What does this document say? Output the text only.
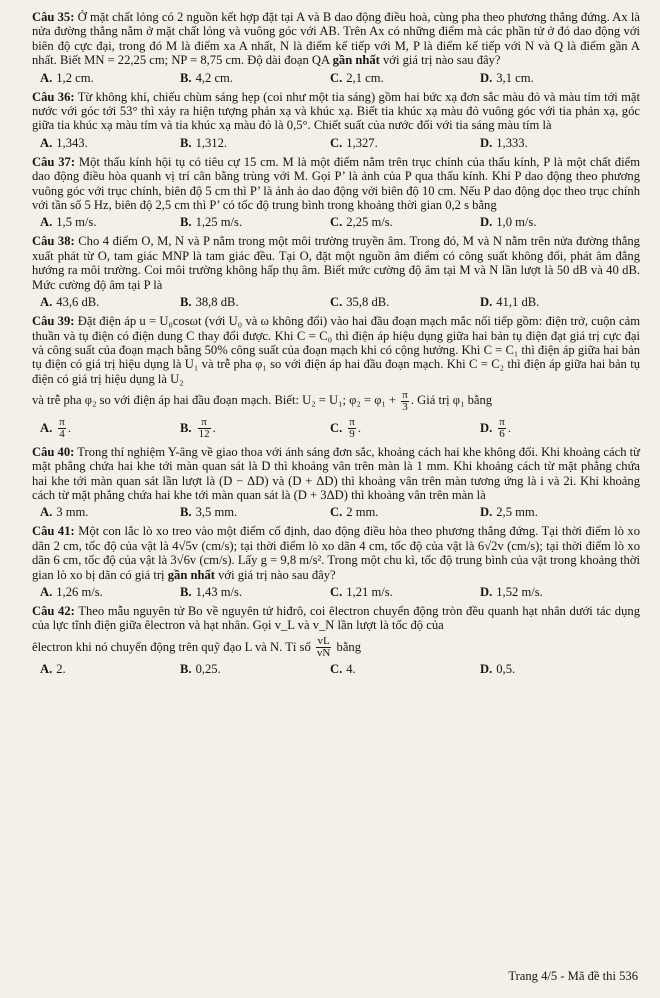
Câu 35: Ở mặt chất lỏng có 2 nguồn kết hợp đặt tại A và B dao động điều hoà, cùng pha theo phương thẳng đứng. Ax là nửa đường thẳng nằm ở mặt chất lỏng và vuông góc với AB. Trên Ax có những điểm mà các phần tử ở đó dao động với biên độ cực đại, trong đó M là điểm xa A nhất, N là điểm kế tiếp với M, P là điểm kế tiếp với N và Q là điểm gần A nhất. Biết MN = 22,25 cm; NP = 8,75 cm. Độ dài đoạn QA gần nhất với giá trị nào sau đây?
A. 1,2 cm.	B. 4,2 cm.	C. 2,1 cm.	D. 3,1 cm.
Câu 36: Từ không khí, chiếu chùm sáng hẹp (coi như một tia sáng) gồm hai bức xạ đơn sắc màu đỏ và màu tím tới mặt nước với góc tới 53° thì xảy ra hiện tượng phản xạ và khúc xạ. Biết tia khúc xạ màu đỏ vuông góc với tia phản xạ, góc giữa tia khúc xạ màu tím và tia khúc xạ màu đỏ là 0,5°. Chiết suất của nước đối với tia sáng màu tím là
A. 1,343.	B. 1,312.	C. 1,327.	D. 1,333.
Câu 37: Một thấu kính hội tụ có tiêu cự 15 cm. M là một điểm nằm trên trục chính của thấu kính, P là một chất điểm dao động điều hòa quanh vị trí cân bằng trùng với M. Gọi P’ là ảnh của P qua thấu kính. Khi P dao động theo phương vuông góc với trục chính, biên độ 5 cm thì P’ là ảnh ảo dao động với biên độ 10 cm. Nếu P dao động dọc theo trục chính với tần số 5 Hz, biên độ 2,5 cm thì P’ có tốc độ trung bình trong khoảng thời gian 0,2 s bằng
A. 1,5 m/s.	B. 1,25 m/s.	C. 2,25 m/s.	D. 1,0 m/s.
Câu 38: Cho 4 điểm O, M, N và P nằm trong một môi trường truyền âm. Trong đó, M và N nằm trên nửa đường thẳng xuất phát từ O, tam giác MNP là tam giác đều. Tại O, đặt một nguồn âm điểm có công suất không đổi, phát âm đẳng hướng ra môi trường. Coi môi trường không hấp thụ âm. Biết mức cường độ âm tại M và N lần lượt là 50 dB và 40 dB. Mức cường độ âm tại P là
A. 43,6 dB.	B. 38,8 dB.	C. 35,8 dB.	D. 41,1 dB.
Câu 39: Đặt điện áp u = U₀cosωt (với U₀ và ω không đổi) vào hai đầu đoạn mạch mắc nối tiếp gồm: điện trở, cuộn cảm thuần và tụ điện có điện dung C thay đổi được. Khi C = C₀ thì điện áp hiệu dụng giữa hai bản tụ điện đạt giá trị cực đại và công suất của đoạn mạch bằng 50% công suất của đoạn mạch khi có cộng hưởng. Khi C = C₁ thì điện áp giữa hai bản tụ điện có giá trị hiệu dụng là U₁ và trễ pha φ₁ so với điện áp hai đầu đoạn mạch. Khi C = C₂ thì điện áp giữa hai bản tụ điện có giá trị hiệu dụng là U₂
và trễ pha φ₂ so với điện áp hai đầu đoạn mạch. Biết: U₂ = U₁; $\varphi_2 = \varphi_1 + \frac{\pi}{3}$ . Giá trị φ₁ bằng
A. $\frac{\pi}{4}$ .	B. $\frac{\pi}{12}$ .	C. $\frac{\pi}{9}$ .	D. $\frac{\pi}{6}$ .
Câu 40: Trong thí nghiệm Y-âng về giao thoa với ánh sáng đơn sắc, khoảng cách hai khe không đổi. Khi khoảng cách từ mặt phẳng chứa hai khe tới màn quan sát là D thì khoảng vân trên màn là 1 mm. Khi khoảng cách từ mặt phẳng chứa hai khe tới màn quan sát lần lượt là (D − ΔD) và (D + ΔD) thì khoảng vân trên màn tương ứng là i và 2i. Khi khoảng cách từ mặt phẳng chứa hai khe tới màn quan sát là (D + 3ΔD) thì khoảng vân trên màn là
A. 3 mm.	B. 3,5 mm.	C. 2 mm.	D. 2,5 mm.
Câu 41: Một con lắc lò xo treo vào một điểm cố định, dao động điều hòa theo phương thẳng đứng. Tại thời điểm lò xo dãn 2 cm, tốc độ của vật là 4√5v (cm/s); tại thời điểm lò xo dãn 4 cm, tốc độ của vật là 6√2v (cm/s); tại thời điểm lò xo dãn 6 cm, tốc độ của vật là 3√6v (cm/s). Lấy g = 9,8 m/s². Trong một chu kì, tốc độ trung bình của vật trong khoảng thời gian lò xo bị dãn có giá trị gần nhất với giá trị nào sau đây?
A. 1,26 m/s.	B. 1,43 m/s.	C. 1,21 m/s.	D. 1,52 m/s.
Câu 42: Theo mẫu nguyên tử Bo về nguyên tử hiđrô, coi êlectron chuyển động tròn đều quanh hạt nhân dưới tác dụng của lực tĩnh điện giữa êlectron và hạt nhân. Gọi v_L và v_N lần lượt là tốc độ của
êlectron khi nó chuyển động trên quỹ đạo L và N. Tỉ số $\frac{vL}{vN}$ bằng
A. 2.	B. 0,25.	C. 4.	D. 0,5.
Trang 4/5 - Mã đề thi 536
